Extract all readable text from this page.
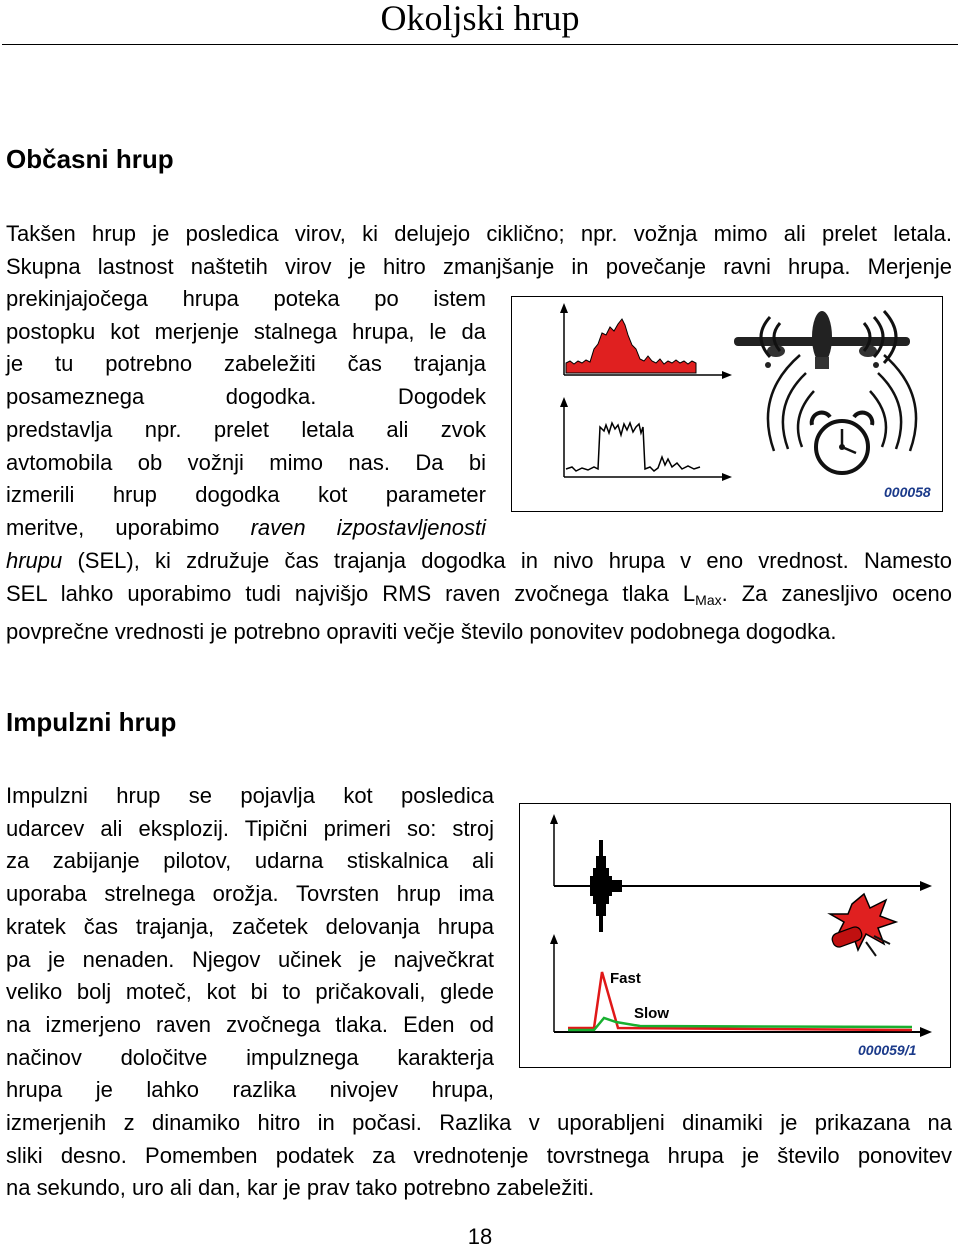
Okoljski hrup
Občasni hrup

Takšen hrup je posledica virov, ki delujejo ciklično; npr. vožnja mimo ali prelet letala.

Skupna lastnost naštetih virov je hitro zmanjšanje in povečanje ravni hrupa. Merjenje

prekinjajočega hrupa poteka po istem

postopku kot merjenje stalnega hrupa, le da

je tu potrebno zabeležiti čas trajanja

posameznega dogodka. Dogodek

predstavlja npr. prelet letala ali zvok

avtomobila ob vožnji mimo nas. Da bi

izmerili hrup dogodka kot parameter

meritve, uporabimo raven izpostavljenosti

hrupu (SEL), ki združuje čas trajanja dogodka in nivo hrupa v eno vrednost. Namesto

SEL lahko uporabimo tudi najvišjo RMS raven zvočnega tlaka $L_{Max}$. Za zanesljivo oceno

povprečne vrednosti je potrebno opraviti večje število ponovitev podobnega dogodka.

000058
Impulzni hrup

Impulzni hrup se pojavlja kot posledica

udarcev ali eksplozij. Tipični primeri so: stroj

za zabijanje pilotov, udarna stiskalnica ali

uporaba strelnega orožja. Tovrsten hrup ima

kratek čas trajanja, začetek delovanja hrupa

pa je nenaden. Njegov učinek je največkrat

veliko bolj moteč, kot bi to pričakovali, glede

na izmerjeno raven zvočnega tlaka. Eden od

načinov določitve impulznega karakterja

hrupa je lahko razlika nivojev hrupa,

izmerjenih z dinamiko hitro in počasi. Razlika v uporabljeni dinamiki je prikazana na

sliki desno. Pomemben podatek za vrednotenje tovrstnega hrupa je število ponovitev

na sekundo, uro ali dan, kar je prav tako potrebno zabeležiti.

Fast
Slow
000059/1
18
